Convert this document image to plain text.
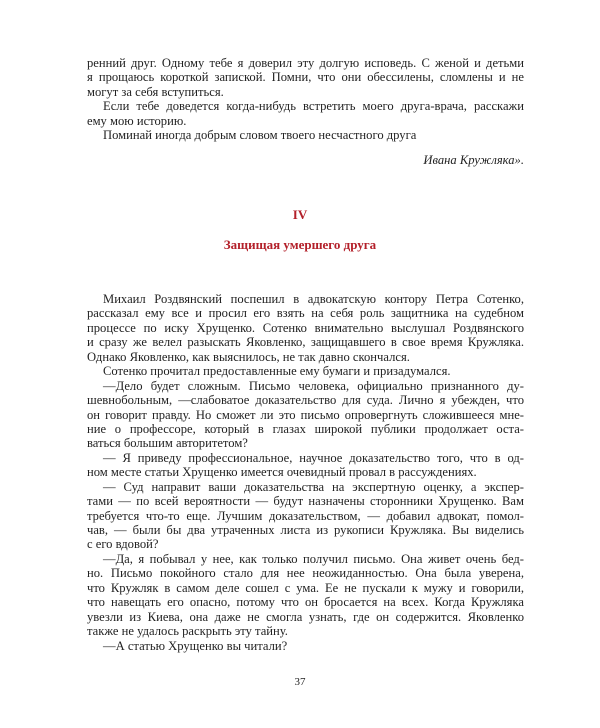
ренний друг. Одному тебе я доверил эту долгую исповедь. С женой и детьми
я прощаюсь короткой запиской. Помни, что они обессилены, сломлены и не
могут за себя вступиться.
Если тебе доведется когда-нибудь встретить моего друга-врача, расскажи
ему мою историю.
Поминай иногда добрым словом твоего несчастного друга
Ивана Кружляка».
IV
Защищая умершего друга
Михаил Роздвянский поспешил в адвокатскую контору Петра Сотенко,
рассказал ему все и просил его взять на себя роль защитника на судебном
процессе по иску Хрущенко. Сотенко внимательно выслушал Роздвянского
и сразу же велел разыскать Яковленко, защищавшего в свое время Кружляка.
Однако Яковленко, как выяснилось, не так давно скончался.
Сотенко прочитал предоставленные ему бумаги и призадумался.
—Дело будет сложным. Письмо человека, официально признанного ду-
шевнобольным, —слабоватое доказательство для суда. Лично я убежден, что
он говорит правду. Но сможет ли это письмо опровергнуть сложившееся мне-
ние о профессоре, который в глазах широкой публики продолжает оста-
ваться большим авторитетом?
— Я приведу профессиональное, научное доказательство того, что в од-
ном месте статьи Хрущенко имеется очевидный провал в рассуждениях.
— Суд направит ваши доказательства на экспертную оценку, а экспер-
тами — по всей вероятности — будут назначены сторонники Хрущенко. Вам
требуется что-то еще. Лучшим доказательством, — добавил адвокат, помол-
чав, — были бы два утраченных листа из рукописи Кружляка. Вы виделись
с его вдовой?
—Да, я побывал у нее, как только получил письмо. Она живет очень бед-
но. Письмо покойного стало для нее неожиданностью. Она была уверена,
что Кружляк в самом деле сошел с ума. Ее не пускали к мужу и говорили,
что навещать его опасно, потому что он бросается на всех. Когда Кружляка
увезли из Киева, она даже не смогла узнать, где он содержится. Яковленко
также не удалось раскрыть эту тайну.
—А статью Хрущенко вы читали?
37
